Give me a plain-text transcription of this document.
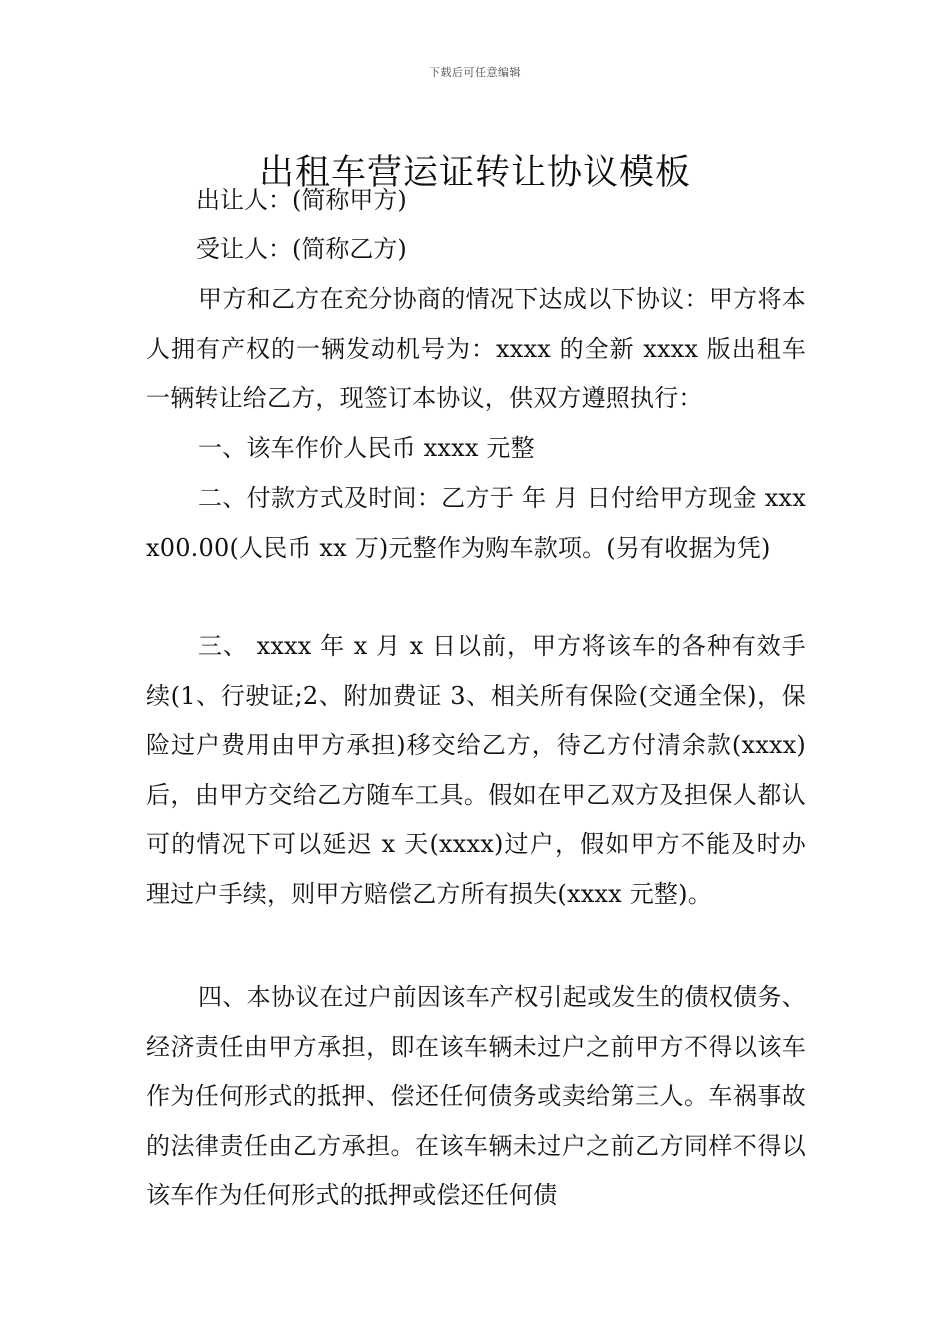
下载后可任意编辑
出租车营运证转让协议模板
出让人：(简称甲方)
受让人：(简称乙方)

甲方和乙方在充分协商的情况下达成以下协议：甲方将本人拥有产权的一辆发动机号为：xxxx 的全新 xxxx 版出租车一辆转让给乙方，现签订本协议，供双方遵照执行：

一、该车作价人民币 xxxx 元整

二、付款方式及时间：乙方于 年 月 日付给甲方现金 xxxx00.00(人民币 xx 万)元整作为购车款项。(另有收据为凭)

三、 xxxx 年 x 月 x 日以前，甲方将该车的各种有效手续(1、行驶证;2、附加费证 3、相关所有保险(交通全保)，保险过户费用由甲方承担)移交给乙方，待乙方付清余款(xxxx)后，由甲方交给乙方随车工具。假如在甲乙双方及担保人都认可的情况下可以延迟 x 天(xxxx)过户，假如甲方不能及时办理过户手续，则甲方赔偿乙方所有损失(xxxx 元整)。

四、本协议在过户前因该车产权引起或发生的债权债务、经济责任由甲方承担，即在该车辆未过户之前甲方不得以该车作为任何形式的抵押、偿还任何债务或卖给第三人。车祸事故的法律责任由乙方承担。在该车辆未过户之前乙方同样不得以该车作为任何形式的抵押或偿还任何债
